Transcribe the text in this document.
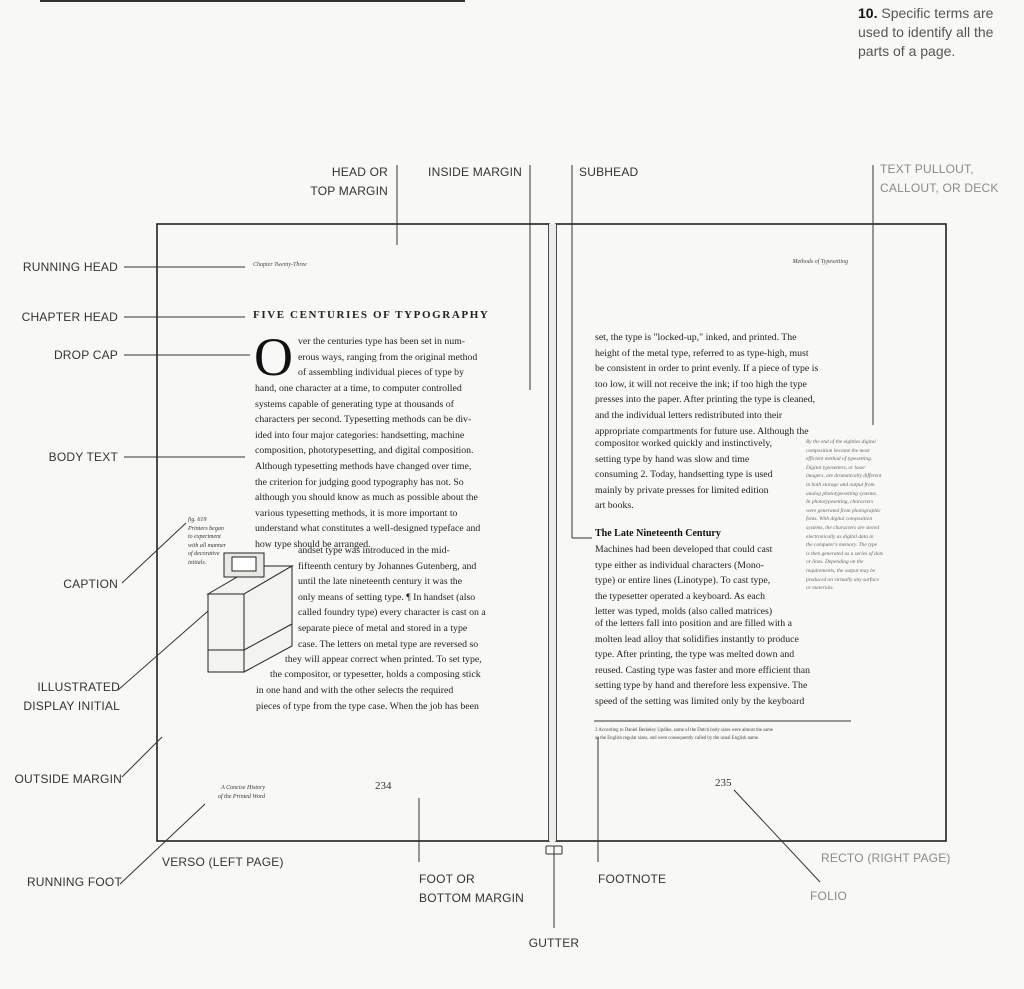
10. Specific terms are used to identify all the parts of a page.
RUNNING HEAD
CHAPTER HEAD
DROP CAP
BODY TEXT
CAPTION
ILLUSTRATED
DISPLAY INITIAL
OUTSIDE MARGIN
RUNNING FOOT
VERSO (LEFT PAGE)
HEAD OR
TOP MARGIN
INSIDE MARGIN	SUBHEAD	TEXT PULLOUT,
CALLOUT, OR DECK
FOOT OR
BOTTOM MARGIN
GUTTER
FOOTNOTE
RECTO (RIGHT PAGE)
FOLIO
Chapter Twenty-Three
FIVE CENTURIES OF TYPOGRAPHY
O ver the centuries type has been set in num-
erous ways, ranging from the original method
of assembling individual pieces of type by
hand, one character at a time, to computer controlled
systems capable of generating type at thousands of
characters per second. Typesetting methods can be div-
ided into four major categories: handsetting, machine
composition, phototypesetting, and digital composition.
Although typesetting methods have changed over time,
the criterion for judging good typography has not. So
although you should know as much as possible about the
various typesetting methods, it is more important to
understand what constitutes a well-designed typeface and
how type should be arranged.
andset type was introduced in the mid-
fifteenth century by Johannes Gutenberg, and
until the late nineteenth century it was the
only means of setting type. ¶ In handset (also
called foundry type) every character is cast on a
separate piece of metal and stored in a type
case. The letters on metal type are reversed so
they will appear correct when printed. To set type,
the compositor, or typesetter, holds a composing stick
in one hand and with the other selects the required
pieces of type from the type case. When the job has been
fig. 619
Printers began
to experiment
with all manner
of decorative
initials.
A Concise History
of the Printed Word
234
Methods of Typesetting
set, the type is "locked-up," inked, and printed. The
height of the metal type, referred to as type-high, must
be consistent in order to print evenly. If a piece of type is
too low, it will not receive the ink; if too high the type
presses into the paper. After printing the type is cleaned,
and the individual letters redistributed into their
appropriate compartments for future use. Although the
compositor worked quickly and instinctively,
setting type by hand was slow and time
consuming 2. Today, handsetting type is used
mainly by private presses for limited edition
art books.
The Late Nineteenth Century
Machines had been developed that could cast
type either as individual characters (Mono-
type) or entire lines (Linotype). To cast type,
the typesetter operated a keyboard. As each
letter was typed, molds (also called matrices)
of the letters fall into position and are filled with a
molten lead alloy that solidifies instantly to produce
type. After printing, the type was melted down and
reused. Casting type was faster and more efficient than
setting type by hand and therefore less expensive. The
speed of the setting was limited only by the keyboard
By the end of the eighties digital
composition became the most
efficient method of typesetting.
Digital typesetters, or laser
imagers, are dramatically different
in both storage and output from
analog phototypesetting systems.
In phototypesetting, characters
were generated from photographic
fonts. With digital composition
systems, the characters are stored
electronically as digital data in
the computer's memory. The type
is then generated as a series of dots
or lines. Depending on the
requirements, the output may be
produced on virtually any surface
or materials.
2 According to Daniel Berkeley Updike, some of the Dutch body sizes were almost the same
as the English regular sizes, and were consequently called by the usual English name.
235
